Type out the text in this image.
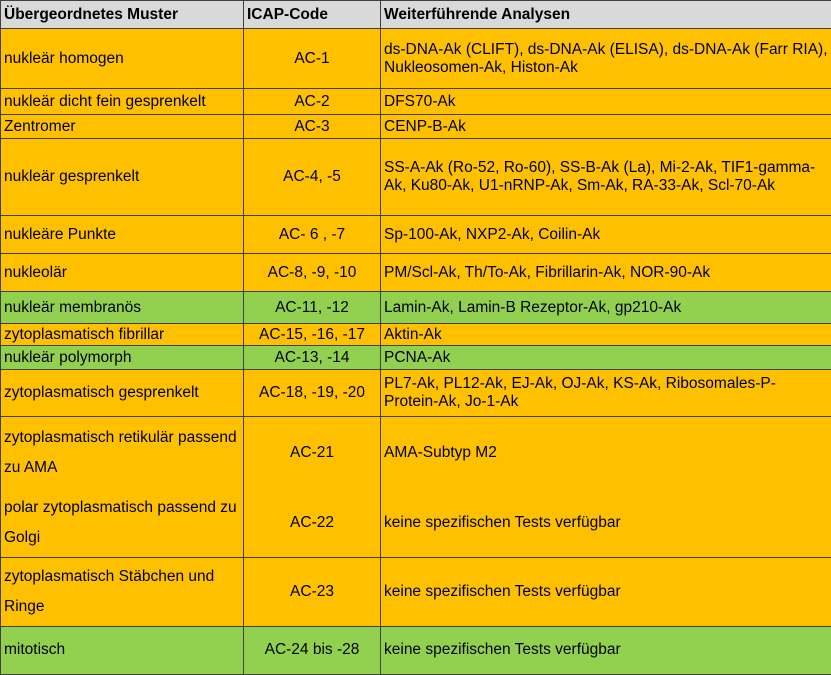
Übergeordnetes Muster	ICAP-Code	Weiterführende Analysen
nukleär homogen	AC-1	ds-DNA-Ak (CLIFT), ds-DNA-Ak (ELISA), ds-DNA-Ak (Farr RIA), Nukleosomen-Ak, Histon-Ak
nukleär dicht fein gesprenkelt	AC-2	DFS70-Ak
Zentromer	AC-3	CENP-B-Ak
nukleär gesprenkelt	AC-4, -5	SS-A-Ak (Ro-52, Ro-60), SS-B-Ak (La), Mi-2-Ak, TIF1-gamma-Ak, Ku80-Ak, U1-nRNP-Ak, Sm-Ak, RA-33-Ak, Scl-70-Ak
nukleäre Punkte	AC- 6 , -7	Sp-100-Ak, NXP2-Ak, Coilin-Ak
nukleolär	AC-8, -9, -10	PM/Scl-Ak, Th/To-Ak, Fibrillarin-Ak, NOR-90-Ak
nukleär membranös	AC-11, -12	Lamin-Ak, Lamin-B Rezeptor-Ak, gp210-Ak
zytoplasmatisch fibrillar	AC-15, -16, -17	Aktin-Ak
nukleär polymorph	AC-13, -14	PCNA-Ak
zytoplasmatisch gesprenkelt	AC-18, -19, -20	PL7-Ak, PL12-Ak, EJ-Ak, OJ-Ak, KS-Ak, Ribosomales-P-Protein-Ak, Jo-1-Ak
zytoplasmatisch retikulär passend zu AMA	AC-21	AMA-Subtyp M2
polar zytoplasmatisch passend zu Golgi	AC-22	keine spezifischen Tests verfügbar
zytoplasmatisch Stäbchen und Ringe	AC-23	keine spezifischen Tests verfügbar
mitotisch	AC-24 bis -28	keine spezifischen Tests verfügbar
